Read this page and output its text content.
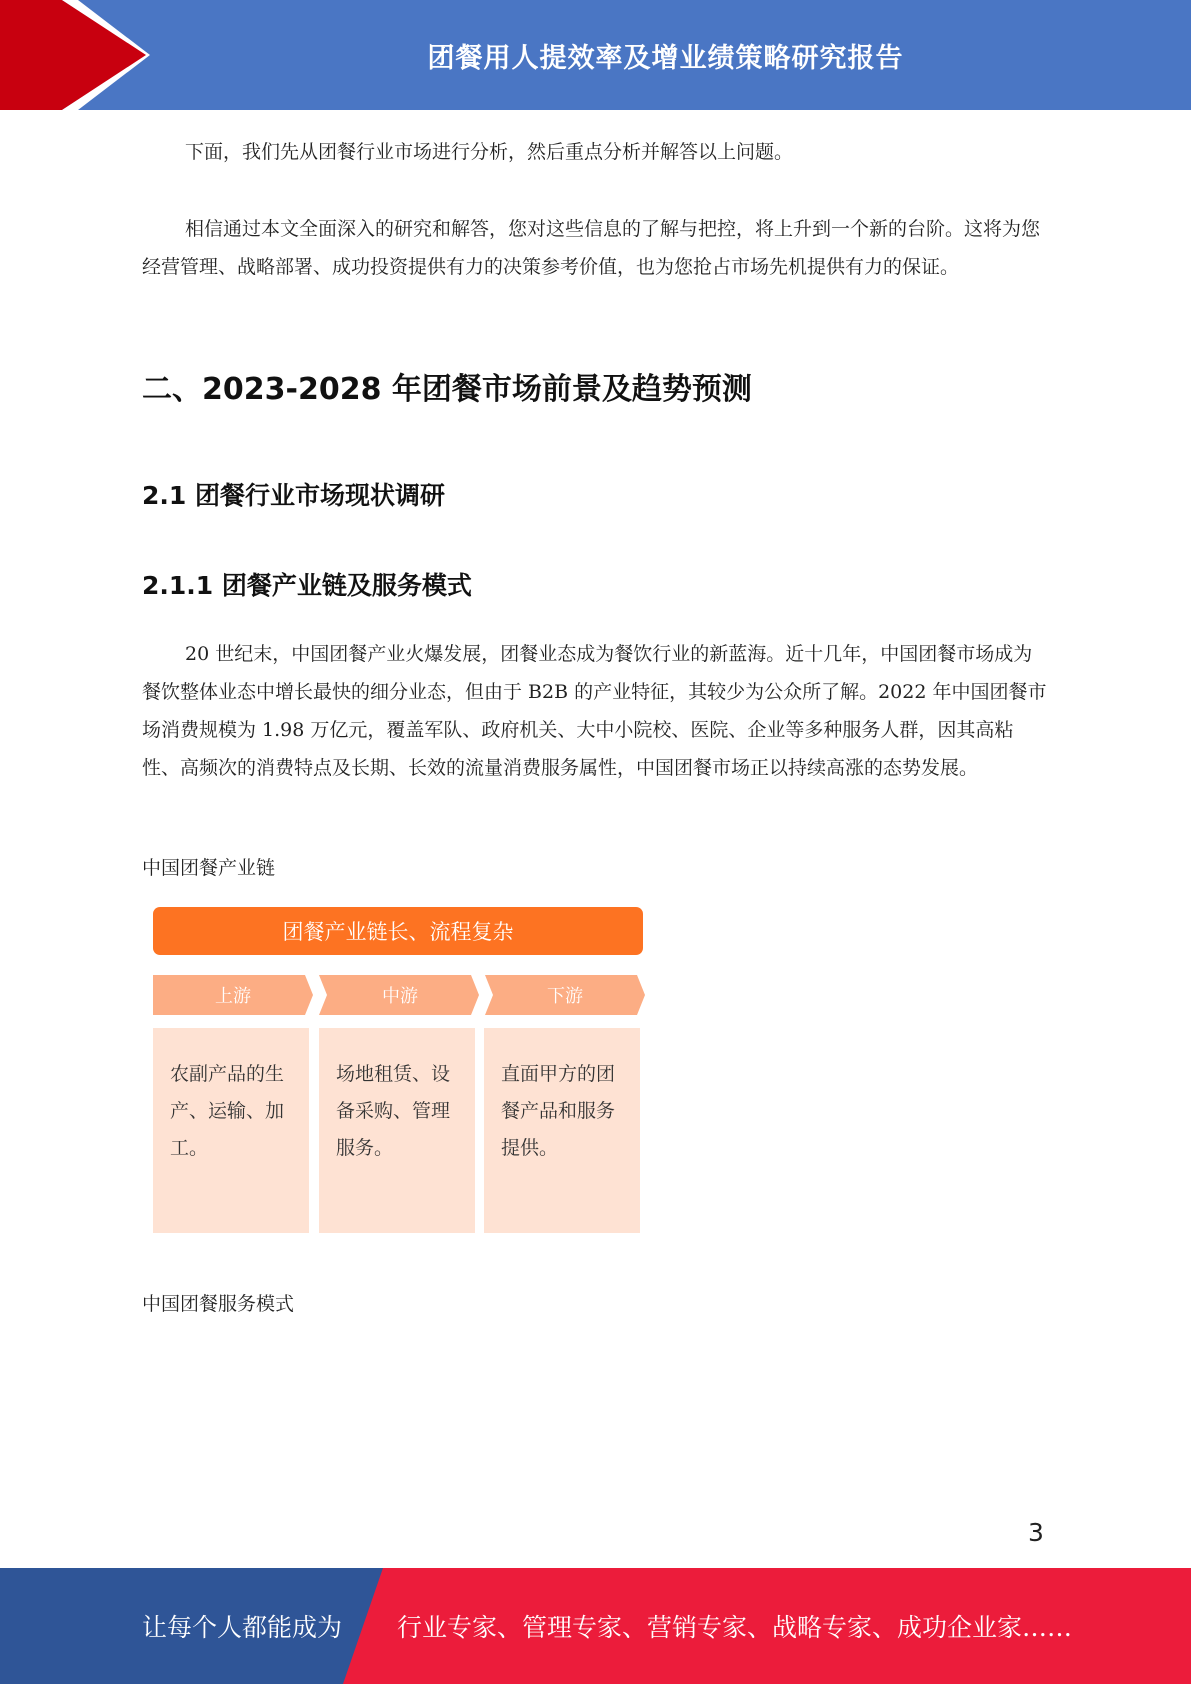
团餐用人提效率及增业绩策略研究报告

下面，我们先从团餐行业市场进行分析，然后重点分析并解答以上问题。

相信通过本文全面深入的研究和解答，您对这些信息的了解与把控，将上升到一个新的台阶。这将为您经营管理、战略部署、成功投资提供有力的决策参考价值，也为您抢占市场先机提供有力的保证。

二、2023-2028 年团餐市场前景及趋势预测
2.1 团餐行业市场现状调研
2.1.1 团餐产业链及服务模式

20 世纪末，中国团餐产业火爆发展，团餐业态成为餐饮行业的新蓝海。近十几年，中国团餐市场成为餐饮整体业态中增长最快的细分业态，但由于 B2B 的产业特征，其较少为公众所了解。2022 年中国团餐市场消费规模为 1.98 万亿元，覆盖军队、政府机关、大中小院校、医院、企业等多种服务人群，因其高粘性、高频次的消费特点及长期、长效的流量消费服务属性，中国团餐市场正以持续高涨的态势发展。

中国团餐产业链

团餐产业链长、流程复杂
上游	中游	下游
农副产品的生产、运输、加工。
场地租赁、设备采购、管理服务。
直面甲方的团餐产品和服务提供。

中国团餐服务模式

3
让每个人都能成为 行业专家、管理专家、营销专家、战略专家、成功企业家……
